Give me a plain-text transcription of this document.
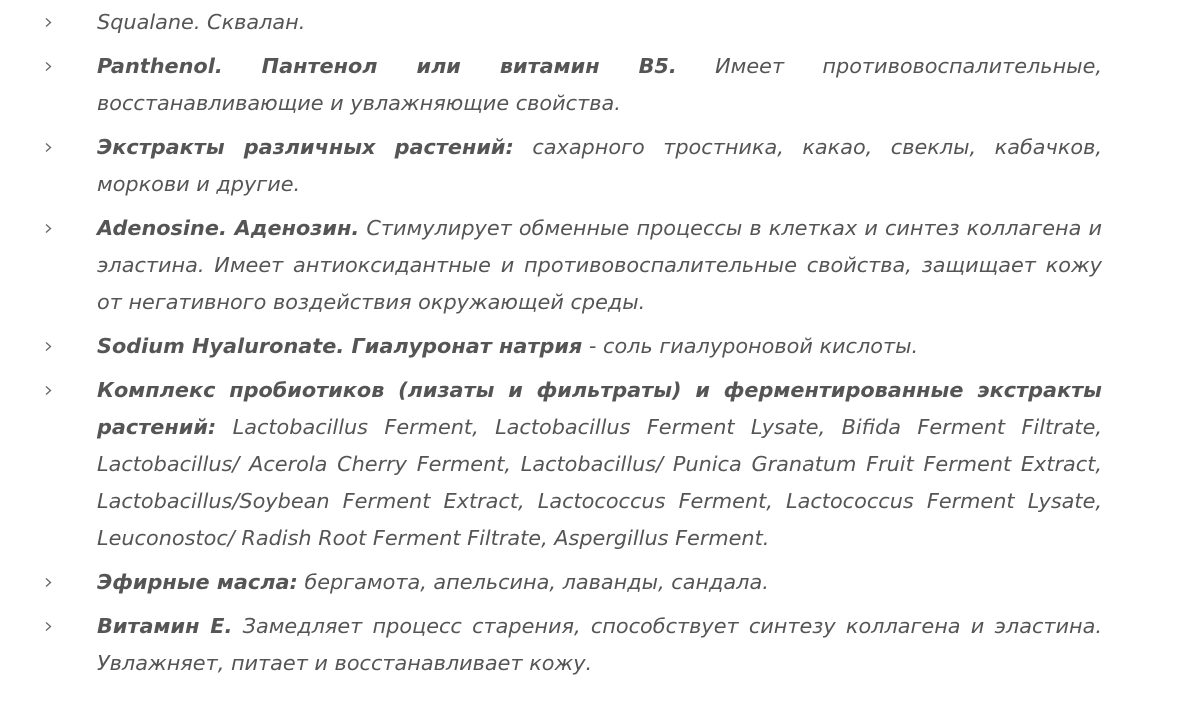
Squalane. Сквалан.
Panthenol. Пантенол или витамин В5. Имеет противовоспалительные, восстанавливающие и увлажняющие свойства.
Экстракты различных растений: сахарного тростника, какао, свеклы, кабачков, моркови и другие.
Adenosine. Аденозин. Стимулирует обменные процессы в клетках и синтез коллагена и эластина. Имеет антиоксидантные и противовоспалительные свойства, защищает кожу от негативного воздействия окружающей среды.
Sodium Hyaluronate. Гиалуронат натрия - соль гиалуроновой кислоты.
Комплекс пробиотиков (лизаты и фильтраты) и ферментированные экстракты растений: Lactobacillus Ferment, Lactobacillus Ferment Lysate, Bifida Ferment Filtrate, Lactobacillus/ Acerola Cherry Ferment, Lactobacillus/ Punica Granatum Fruit Ferment Extract, Lactobacillus/Soybean Ferment Extract, Lactococcus Ferment, Lactococcus Ferment Lysate, Leuconostoc/ Radish Root Ferment Filtrate, Aspergillus Ferment.
Эфирные масла: бергамота, апельсина, лаванды, сандала.
Витамин Е. Замедляет процесс старения, способствует синтезу коллагена и эластина. Увлажняет, питает и восстанавливает кожу.
